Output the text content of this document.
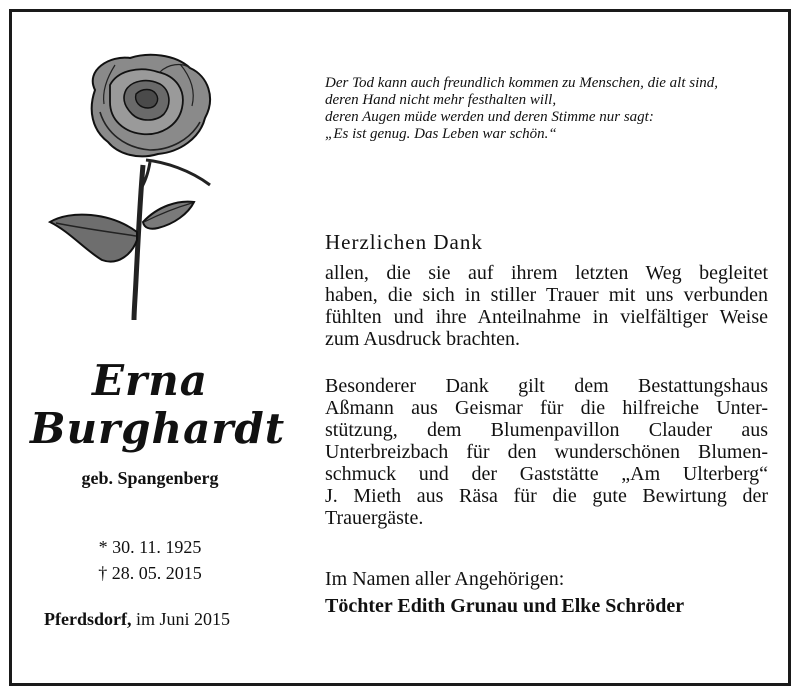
Erna
Burghardt
geb. Spangenberg
* 30. 11. 1925
† 28. 05. 2015
Pferdsdorf, im Juni 2015
Der Tod kann auch freundlich kommen zu Menschen, die alt sind,
deren Hand nicht mehr festhalten will,
deren Augen müde werden und deren Stimme nur sagt:
„Es ist genug. Das Leben war schön.“
Herzlichen Dank
allen, die sie auf ihrem letzten Weg begleitet
haben, die sich in stiller Trauer mit uns verbunden
fühlten und ihre Anteilnahme in vielfältiger Weise
zum Ausdruck brachten.
Besonderer Dank gilt dem Bestattungshaus
Aßmann aus Geismar für die hilfreiche Unter-
stützung, dem Blumenpavillon Clauder aus
Unterbreizbach für den wunderschönen Blumen-
schmuck und der Gaststätte „Am Ulterberg“
J. Mieth aus Räsa für die gute Bewirtung der
Trauergäste.
Im Namen aller Angehörigen:
Töchter Edith Grunau und Elke Schröder
